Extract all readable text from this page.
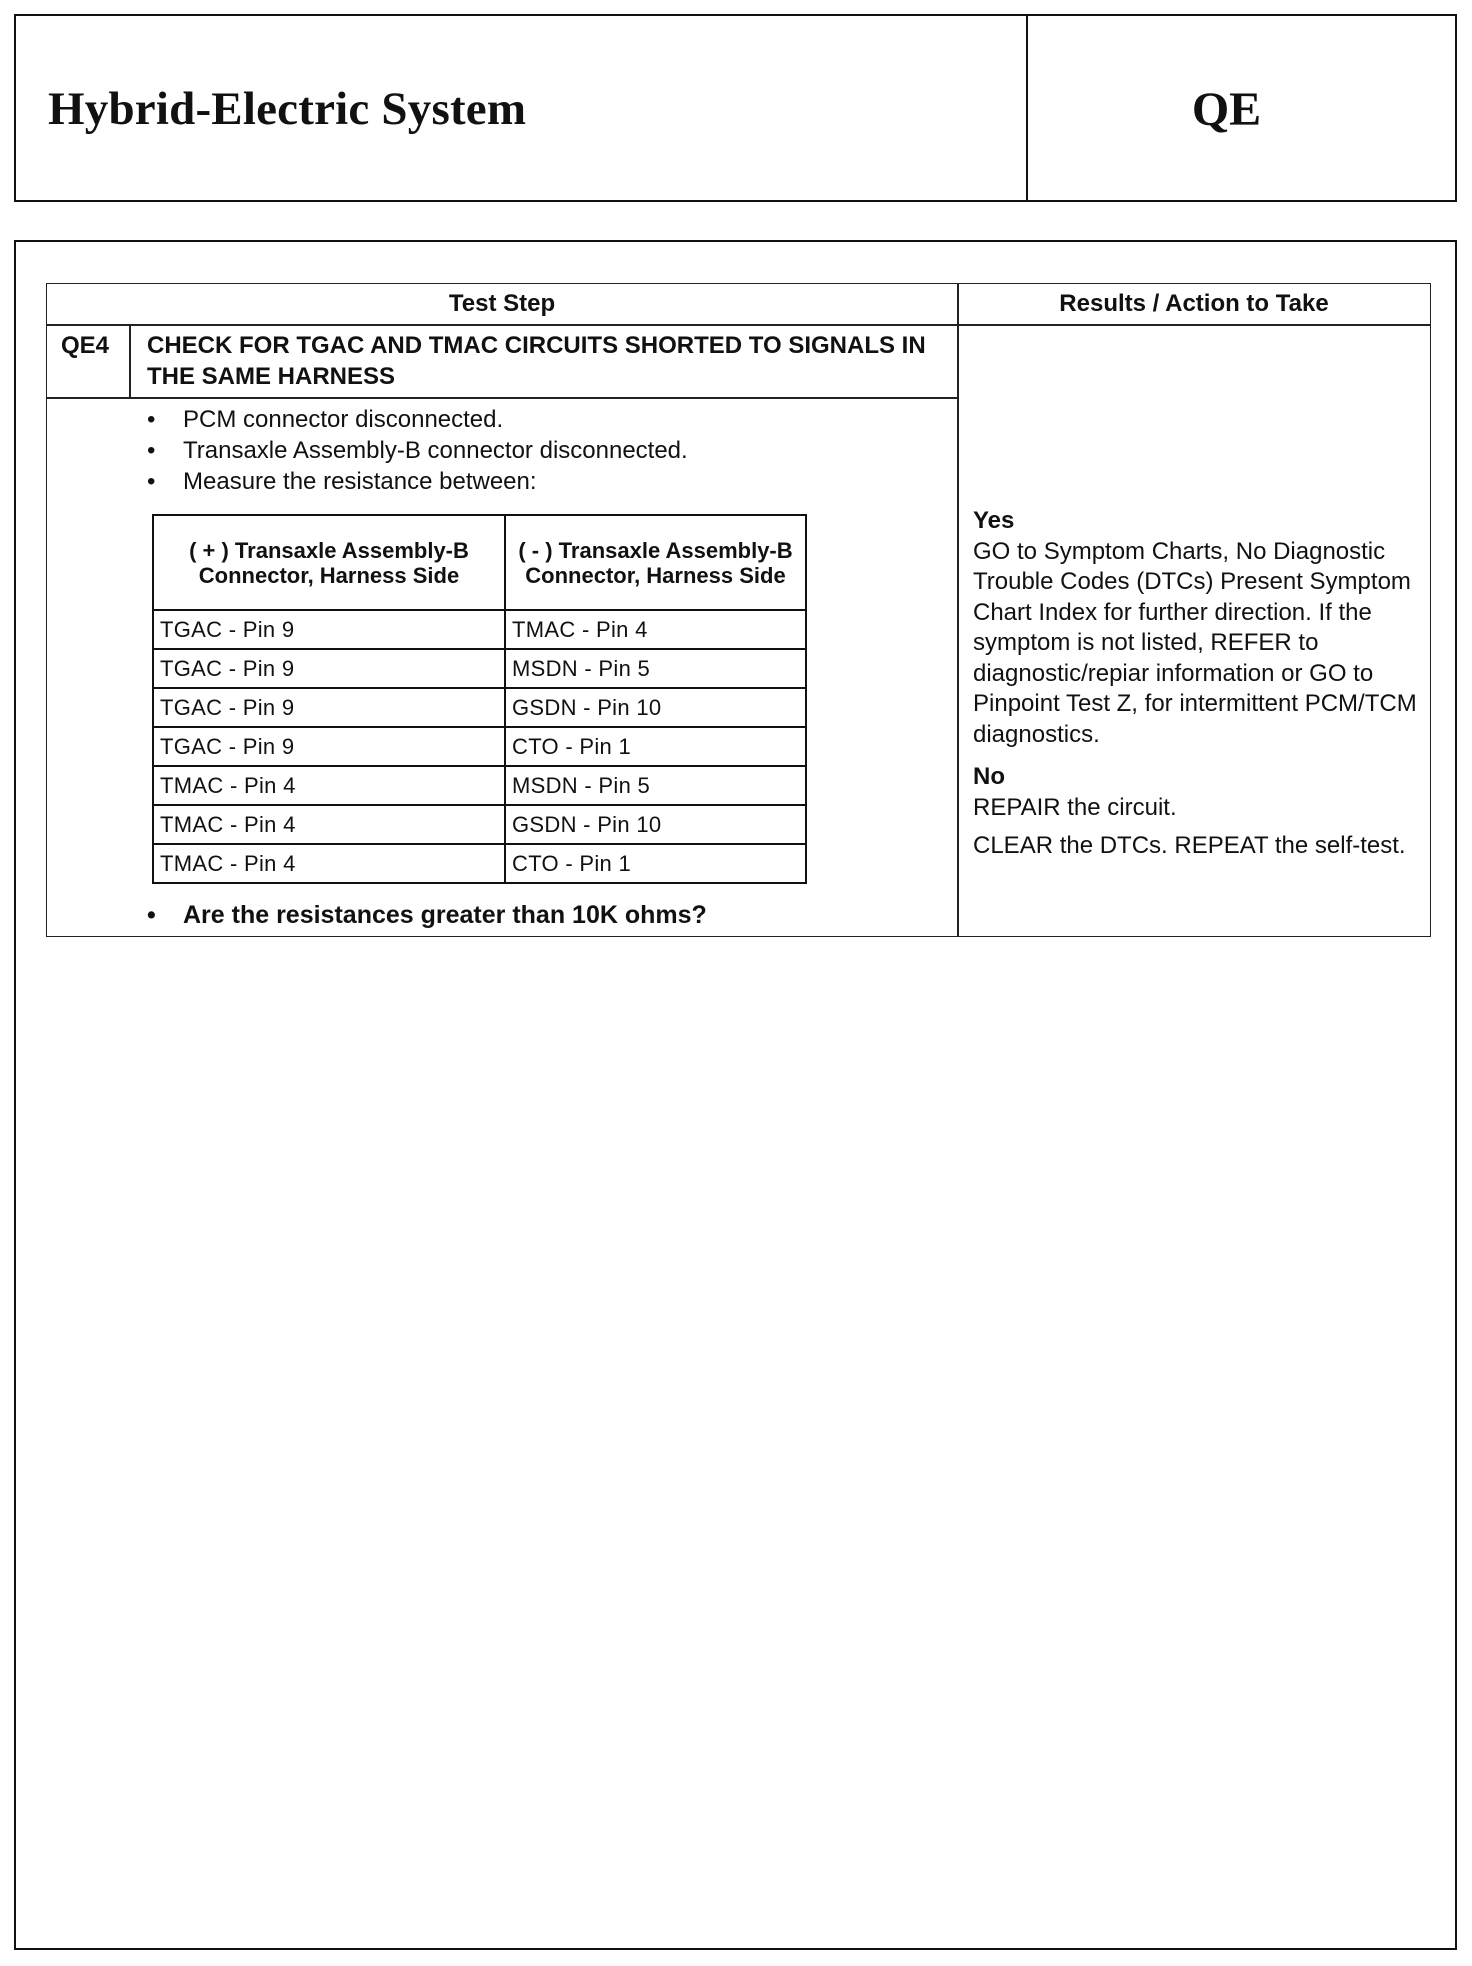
Hybrid-Electric System	QE
Test Step	Results / Action to Take
QE4 CHECK FOR TGAC AND TMAC CIRCUITS SHORTED TO SIGNALS IN THE SAME HARNESS
• PCM connector disconnected.
• Transaxle Assembly-B connector disconnected.
• Measure the resistance between:
( + ) Transaxle Assembly-B Connector, Harness Side	( - ) Transaxle Assembly-B Connector, Harness Side
TGAC - Pin 9	TMAC - Pin 4
TGAC - Pin 9	MSDN - Pin 5
TGAC - Pin 9	GSDN - Pin 10
TGAC - Pin 9	CTO - Pin 1
TMAC - Pin 4	MSDN - Pin 5
TMAC - Pin 4	GSDN - Pin 10
TMAC - Pin 4	CTO - Pin 1
• Are the resistances greater than 10K ohms?

Yes

GO to Symptom Charts, No Diagnostic Trouble Codes (DTCs) Present Symptom Chart Index for further direction. If the symptom is not listed, REFER to diagnostic/repiar information or GO to Pinpoint Test Z, for intermittent PCM/TCM diagnostics.

No

REPAIR the circuit.

CLEAR the DTCs. REPEAT the self-test.
